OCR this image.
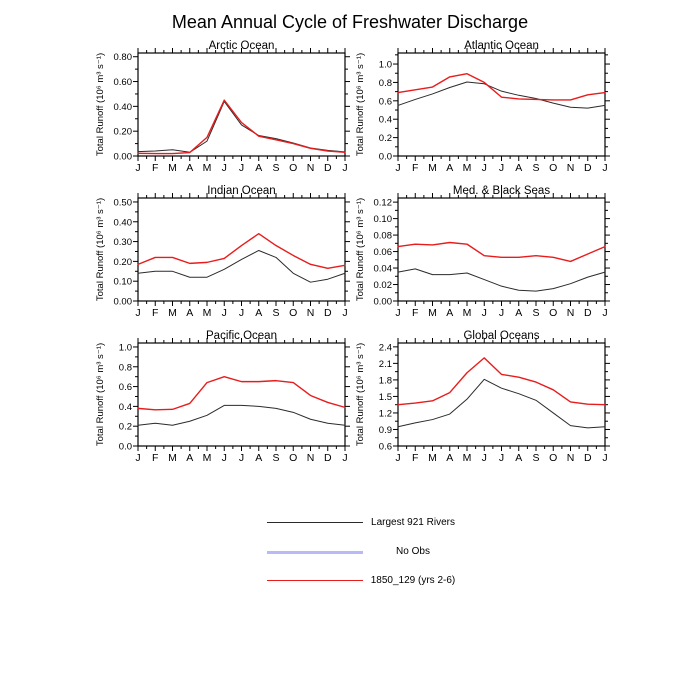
Mean Annual Cycle of Freshwater Discharge
Arctic Ocean
J F M A M J J A S O N D J
0.00
0.20
0.40
0.60
0.80
Total Runoff (10⁶ m³ s⁻¹)
Atlantic Ocean
J F M A M J J A S O N D J
0.0
0.2
0.4
0.6
0.8
1.0
Total Runoff (10⁶ m³ s⁻¹)
Indian Ocean
J F M A M J J A S O N D J
0.00
0.10
0.20
0.30
0.40
0.50
Total Runoff (10⁶ m³ s⁻¹)
Med. & Black Seas
J F M A M J J A S O N D J
0.00
0.02
0.04
0.06
0.08
0.10
0.12
Total Runoff (10⁶ m³ s⁻¹)
Pacific Ocean
J F M A M J J A S O N D J
0.0
0.2
0.4
0.6
0.8
1.0
Total Runoff (10⁶ m³ s⁻¹)
Global Oceans
J F M A M J J A S O N D J
0.6
0.9
1.2
1.5
1.8
2.1
2.4
Total Runoff (10⁶ m³ s⁻¹)
Largest 921 Rivers
No Obs
1850_129 (yrs 2-6)
